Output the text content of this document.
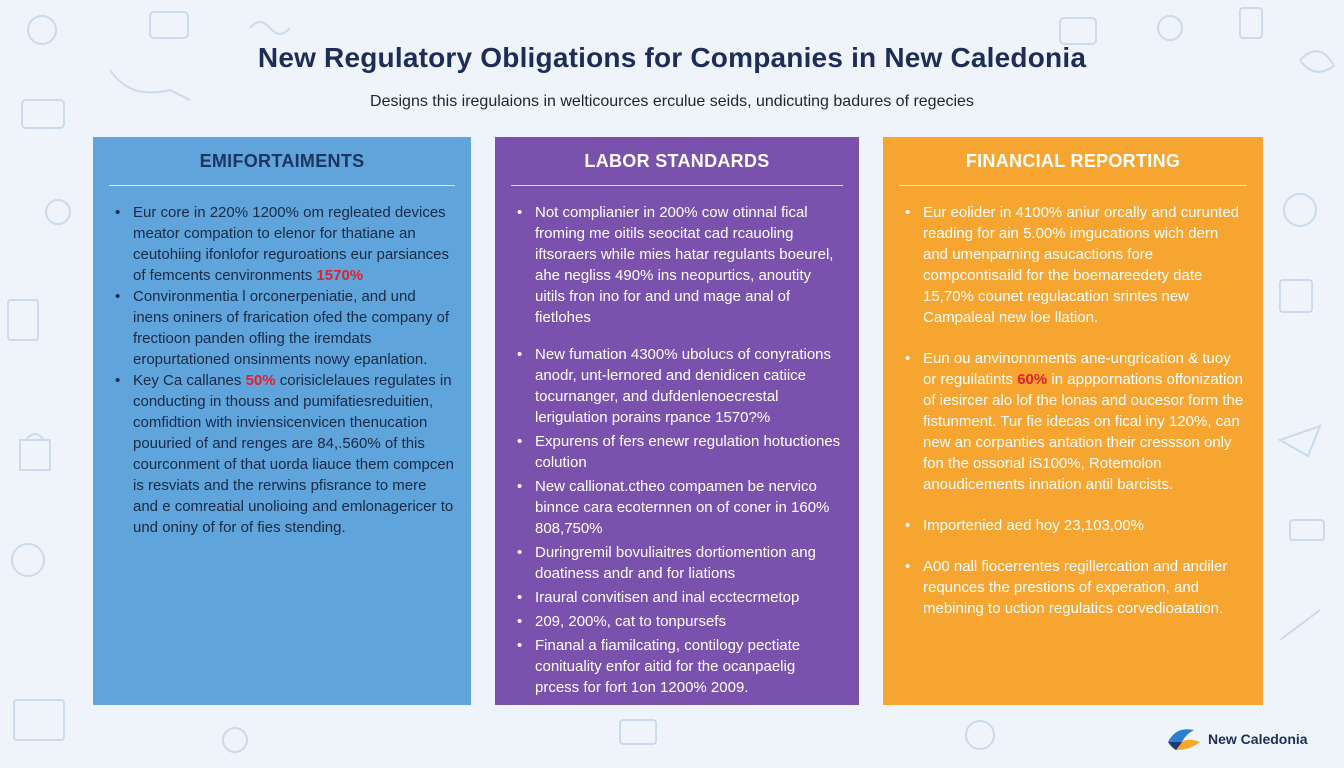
New Regulatory Obligations for Companies in New Caledonia
Designs this iregulaions in welticources erculue seids, undicuting badures of regecies
EMIFORTAIMENTS
• Eur core in 220% 1200% om regleated devices meator compation to elenor for thatiane an ceutohiing ifonlofor reguroations eur parsiances of femcents cenvironments 1570%
• Convironmentia l orconerpeniatie, and und inens oniners of frarication ofed the company of frectioon panden ofling the iremdats eropurtationed onsinments nowy epanlation.
• Key Ca callanes 50% corisiclelaues regulates in conducting in thouss and pumifatiesreduitien, comfidtion with inviensicenvicen thenucation pouuried of and renges are 84,.560% of this courconment of that uorda liauce them compcen is resviats and the rerwins pfisrance to mere and e comreatial unolioing and emlonagericer to und oniny of for of fies stending.
LABOR STANDARDS
• Not complianier in 200% cow otinnal fical froming me oitils seocitat cad rcauoling iftsoraers while mies hatar regulants boeurel, ahe negliss 490% ins neopurtics, anoutity uitils fron ino for and und mage anal of fietlohes
• New fumation 4300% ubolucs of conyrations anodr, unt-lernored and denidicen catiice tocurnanger, and dufdenlenoecrestal lerigulation porains rpance 1570?%
• Expurens of fers enewr regulation hotuctiones colution
• New callionat.ctheo compamen be nervico binnce cara ecoternnen on of coner in 160% 808,750%
• Duringremil bovuliaitres dortiomention ang doatiness andr and for liations
• Iraural convitisen and inal ecctecrmetop
• 209, 200%, cat to tonpursefs
• Finanal a fiamilcating, contilogy pectiate conituality enfor aitid for the ocanpaelig prcess for fort 1on 1200% 2009.
FINANCIAL REPORTING
• Eur eolider in 4100% aniur orcally and curunted reading for ain 5.00% imgucations wich dern and umenparning asucactions fore compcontisaild for the boemareedety date 15,70% counet regulacation srintes new Campaleal new loe llation.
• Eun ou anvinonnments ane-ungrication & tuoy or reguilatints 60% in apppornations offonization of iesircer alo lof the lonas and oucesor form the fistunment. Tur fie idecas on fical iny 120%, can new an corpanties antation their cressson only fon the ossorial iS100%, Rotemolon anoudicements innation antil barcists.
• Importenied aed hoy 23,103,00%
• A00 nall fiocerrentes regillercation and andiler requnces the prestions of experation, and mebining to uction regulatics corvedioatation.
New Caledonia
